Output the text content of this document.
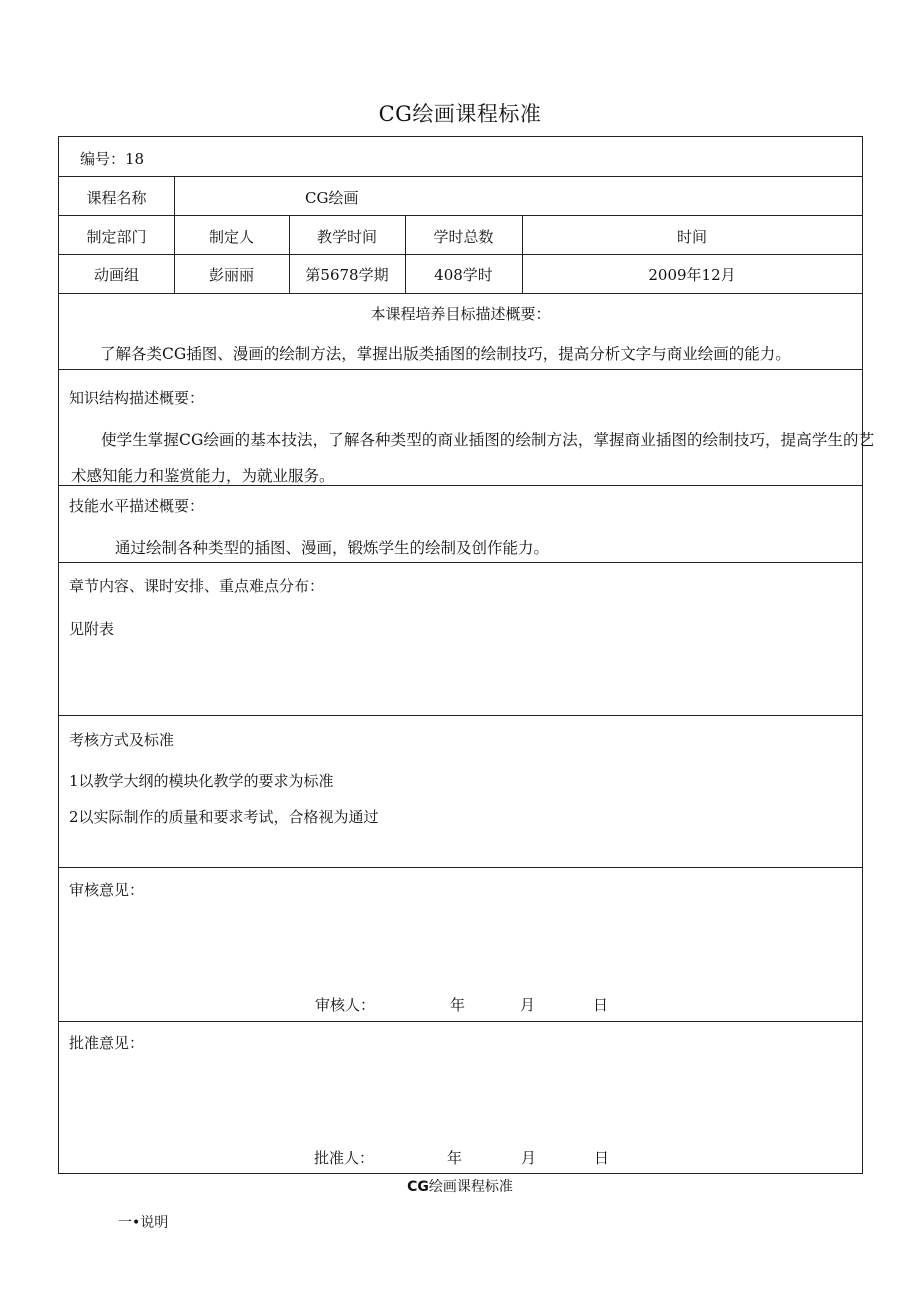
CG绘画课程标准
编号：18
课程名称	CG绘画
制定部门	制定人	教学时间	学时总数	时间
动画组	彭丽丽	第5678学期	408学时	2009年12月
本课程培养目标描述概要：
了解各类CG插图、漫画的绘制方法，掌握出版类插图的绘制技巧，提高分析文字与商业绘画的能力。
知识结构描述概要：
使学生掌握CG绘画的基本技法，了解各种类型的商业插图的绘制方法，掌握商业插图的绘制技巧，提高学生的艺
术感知能力和鉴赏能力，为就业服务。
技能水平描述概要：
通过绘制各种类型的插图、漫画，锻炼学生的绘制及创作能力。
章节内容、课时安排、重点难点分布：
见附表
考核方式及标准
1以教学大纲的模块化教学的要求为标准
2以实际制作的质量和要求考试，合格视为通过
审核意见：
审核人：	年	月	日
批准意见：
批准人：	年	月	日
CG绘画课程标准
一•说明
